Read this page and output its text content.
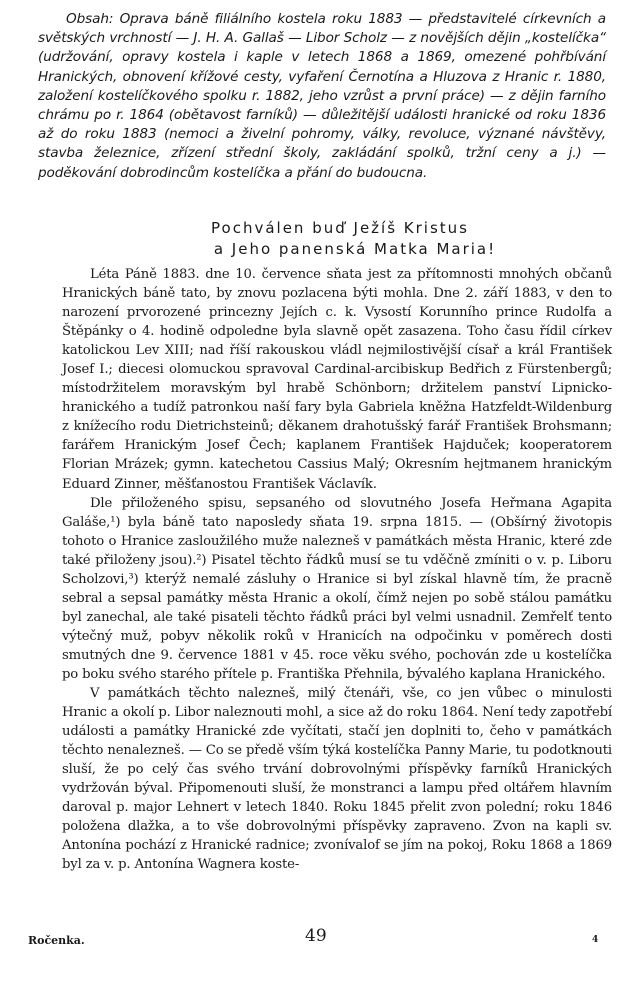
Obsah: Oprava báně filiálního kostela roku 1883 — představitelé církevních a světských vrchností — J. H. A. Gallaš — Libor Scholz — z novějších dějin „kostelíčka“ (udržování, opravy kostela i kaple v letech 1868 a 1869, omezené pohřbívání Hranických, obnovení křížové cesty, vyfaření Černotína a Hluzova z Hranic r. 1880, založení kostelíčkového spolku r. 1882, jeho vzrůst a první práce) — z dějin farního chrámu po r. 1864 (obětavost farníků) — důležitější události hranické od roku 1836 až do roku 1883 (nemoci a živelní pohromy, války, revoluce, význané návštěvy, stavba železnice, zřízení střední školy, zakládání spolků, tržní ceny a j.) — poděkování dobrodincům kostelíčka a přání do budoucna.

Pochválen buď Ježíš Kristus
a Jeho panenská Matka Maria!

Léta Páně 1883. dne 10. července sňata jest za přítomnosti mnohých občanů Hranických báně tato, by znovu pozlacena býti mohla. Dne 2. září 1883, v den to narození prvorozené princezny Jejích c. k. Vysostí Korunního prince Rudolfa a Štěpánky o 4. hodině odpoledne byla slavně opět zasazena. Toho času řídil církev katolickou Lev XIII; nad říší rakouskou vládl nejmilostivější císař a král František Josef I.; diecesi olomuckou spravoval Cardinal-arcibiskup Bedřich z Fürstenbergů; místodržitelem moravským byl hrabě Schönborn; držitelem panství Lipnicko-hranického a tudíž patronkou naší fary byla Gabriela kněžna Hatzfeldt-Wildenburg z knížecího rodu Dietrichsteinů; děkanem drahotušský farář František Brohsmann; farářem Hranickým Josef Čech; kaplanem František Hajduček; kooperatorem Florian Mrázek; gymn. katechetou Cassius Malý; Okresním hejtmanem hranickým Eduard Zinner, měšťanostou František Václavík.

Dle přiloženého spisu, sepsaného od slovutného Josefa Heřmana Agapita Galáše,¹) byla báně tato naposledy sňata 19. srpna 1815. — (Obšírný životopis tohoto o Hranice zasloužilého muže nalezneš v památkách města Hranic, které zde také přiloženy jsou).²) Pisatel těchto řádků musí se tu vděčně zmíniti o v. p. Liboru Scholzovi,³) kterýž nemalé zásluhy o Hranice si byl získal hlavně tím, že pracně sebral a sepsal památky města Hranic a okolí, čímž nejen po sobě stálou památku byl zanechal, ale také pisateli těchto řádků práci byl velmi usnadnil. Zemřelť tento výtečný muž, pobyv několik roků v Hranicích na odpočinku v poměrech dosti smutných dne 9. července 1881 v 45. roce věku svého, pochován zde u kostelíčka po boku svého starého přítele p. Františka Přehnila, bývalého kaplana Hranického.

V památkách těchto nalezneš, milý čtenáři, vše, co jen vůbec o minulosti Hranic a okolí p. Libor naleznouti mohl, a sice až do roku 1864. Není tedy zapotřebí události a památky Hranické zde vyčítati, stačí jen doplniti to, čeho v památkách těchto nenalezneš. — Co se předě vším týká kostelíčka Panny Marie, tu podotknouti sluší, že po celý čas svého trvání dobrovolnými příspěvky farníků Hranických vydržován býval. Připomenouti sluší, že monstranci a lampu před oltářem hlavním daroval p. major Lehnert v letech 1840. Roku 1845 přelit zvon polední; roku 1846 položena dlažka, a to vše dobrovolnými příspěvky zapraveno. Zvon na kapli sv. Antonína pochází z Hranické radnice; zvonívalof se jím na pokoj, Roku 1868 a 1869 byl za v. p. Antonína Wagnera koste-

Ročenka.	49	4
